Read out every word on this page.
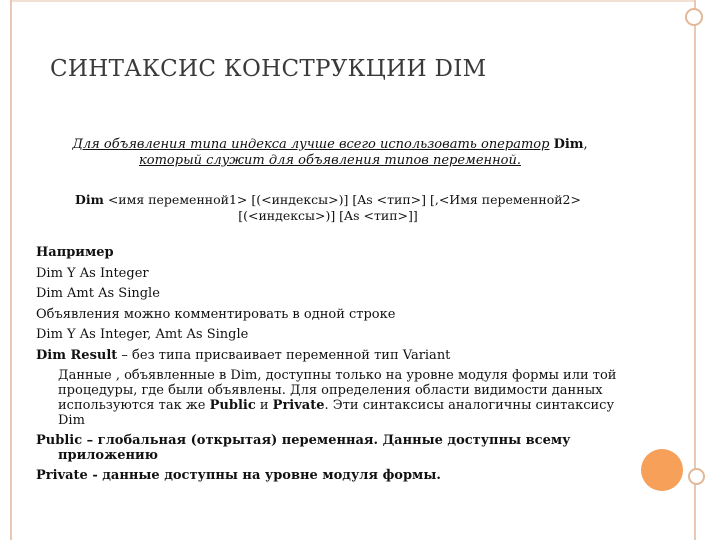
СИНТАКСИС КОНСТРУКЦИИ DIM
Для объявления типа индекса лучше всего использовать оператор Dim,
который служит для объявления типов переменной.
Dim <имя переменной1> [(<индексы>)] [As <тип>] [,<Имя переменной2>
[(<индексы>)] [As <тип>]]
Например
Dim Y As Integer
Dim Amt As Single
Объявления можно комментировать в одной строке
Dim Y As Integer, Amt As Single
Dim Result – без типа присваивает переменной тип Variant
Данные , объявленные в Dim, доступны только на уровне модуля формы или той
процедуры, где были объявлены. Для определения области видимости данных
используются так же Public и Private. Эти синтаксисы аналогичны синтаксису
Dim
Public – глобальная (открытая) переменная. Данные доступны всему
приложению
Private - данные доступны на уровне модуля формы.
